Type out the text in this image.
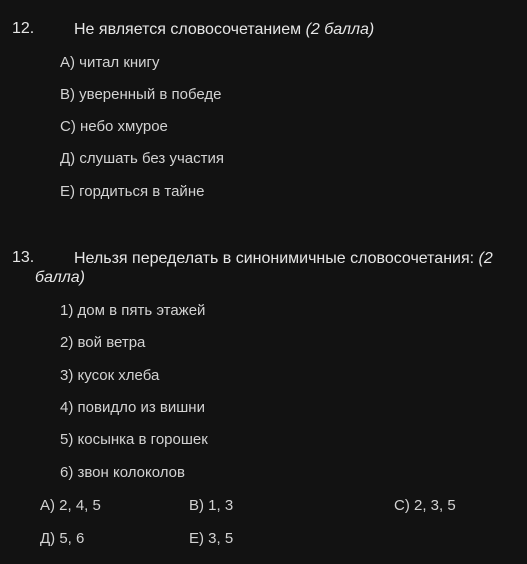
12. Не является словосочетанием (2 балла)
А) читал книгу
В) уверенный в победе
С) небо хмурое
Д) слушать без участия
Е) гордиться в тайне
13. Нельзя переделать в синонимичные словосочетания: (2
балла)
1) дом в пять этажей
2) вой ветра
3) кусок хлеба
4) повидло из вишни
5) косынка в горошек
6) звон колоколов
А) 2, 4, 5	В) 1, 3	С) 2, 3, 5
Д) 5, 6	Е) 3, 5
